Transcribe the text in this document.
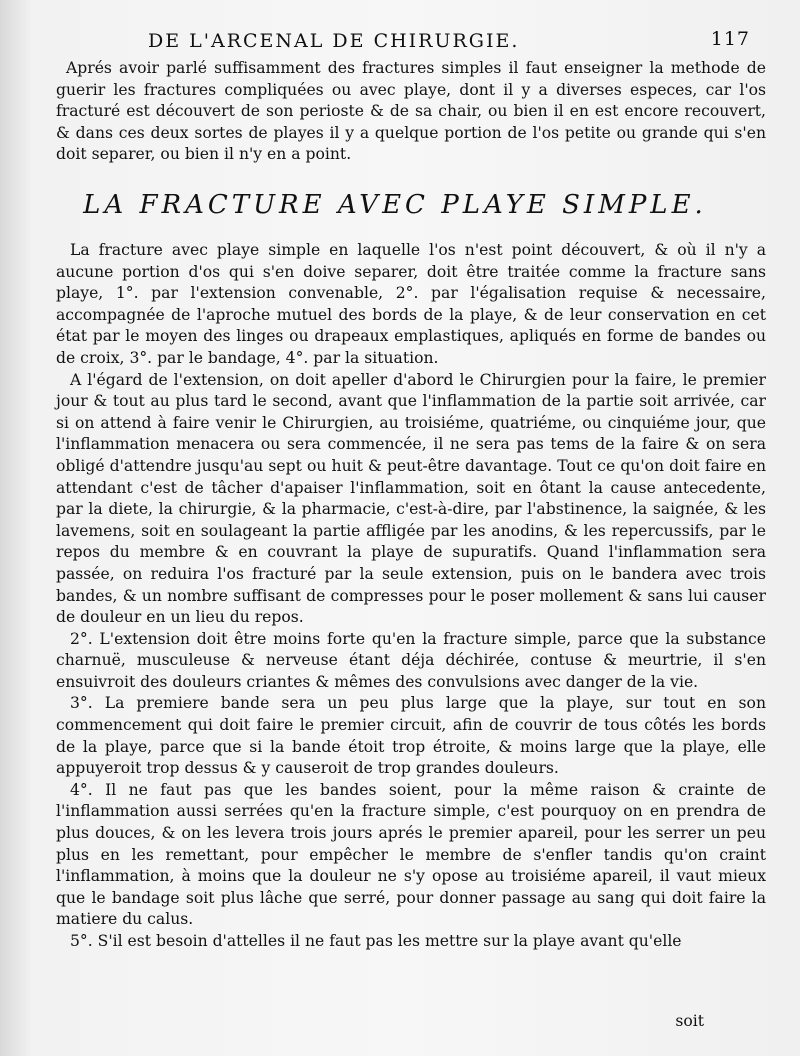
DE L'ARCENAL DE CHIRURGIE.	117

Aprés avoir parlé suffisamment des fractures simples il faut enseigner la methode de guerir les fractures compliquées ou avec playe, dont il y a diverses especes, car l'os fracturé est découvert de son perioste & de sa chair, ou bien il en est encore recouvert, & dans ces deux sortes de playes il y a quelque portion de l'os petite ou grande qui s'en doit separer, ou bien il n'y en a point.

LA FRACTURE AVEC PLAYE SIMPLE.

La fracture avec playe simple en laquelle l'os n'est point découvert, & où il n'y a aucune portion d'os qui s'en doive separer, doit être traitée comme la fracture sans playe, 1°. par l'extension convenable, 2°. par l'égalisation requise & necessaire, accompagnée de l'aproche mutuel des bords de la playe, & de leur conservation en cet état par le moyen des linges ou drapeaux emplastiques, apliqués en forme de bandes ou de croix, 3°. par le bandage, 4°. par la situation.

A l'égard de l'extension, on doit apeller d'abord le Chirurgien pour la faire, le premier jour & tout au plus tard le second, avant que l'inflammation de la partie soit arrivée, car si on attend à faire venir le Chirurgien, au troisiéme, quatriéme, ou cinquiéme jour, que l'inflammation menacera ou sera commencée, il ne sera pas tems de la faire & on sera obligé d'attendre jusqu'au sept ou huit & peut-être davantage. Tout ce qu'on doit faire en attendant c'est de tâcher d'apaiser l'inflammation, soit en ôtant la cause antecedente, par la diete, la chirurgie, & la pharmacie, c'est-à-dire, par l'abstinence, la saignée, & les lavemens, soit en soulageant la partie affligée par les anodins, & les repercussifs, par le repos du membre & en couvrant la playe de supuratifs. Quand l'inflammation sera passée, on reduira l'os fracturé par la seule extension, puis on le bandera avec trois bandes, & un nombre suffisant de compresses pour le poser mollement & sans lui causer de douleur en un lieu du repos.

2°. L'extension doit être moins forte qu'en la fracture simple, parce que la substance charnuë, musculeuse & nerveuse étant déja déchirée, contuse & meurtrie, il s'en ensuivroit des douleurs criantes & mêmes des convulsions avec danger de la vie.

3°. La premiere bande sera un peu plus large que la playe, sur tout en son commencement qui doit faire le premier circuit, afin de couvrir de tous côtés les bords de la playe, parce que si la bande étoit trop étroite, & moins large que la playe, elle appuyeroit trop dessus & y causeroit de trop grandes douleurs.

4°. Il ne faut pas que les bandes soient, pour la même raison & crainte de l'inflammation aussi serrées qu'en la fracture simple, c'est pourquoy on en prendra de plus douces, & on les levera trois jours aprés le premier apareil, pour les serrer un peu plus en les remettant, pour empêcher le membre de s'enfler tandis qu'on craint l'inflammation, à moins que la douleur ne s'y opose au troisiéme apareil, il vaut mieux que le bandage soit plus lâche que serré, pour donner passage au sang qui doit faire la matiere du calus.

5°. S'il est besoin d'attelles il ne faut pas les mettre sur la playe avant qu'elle

soit
